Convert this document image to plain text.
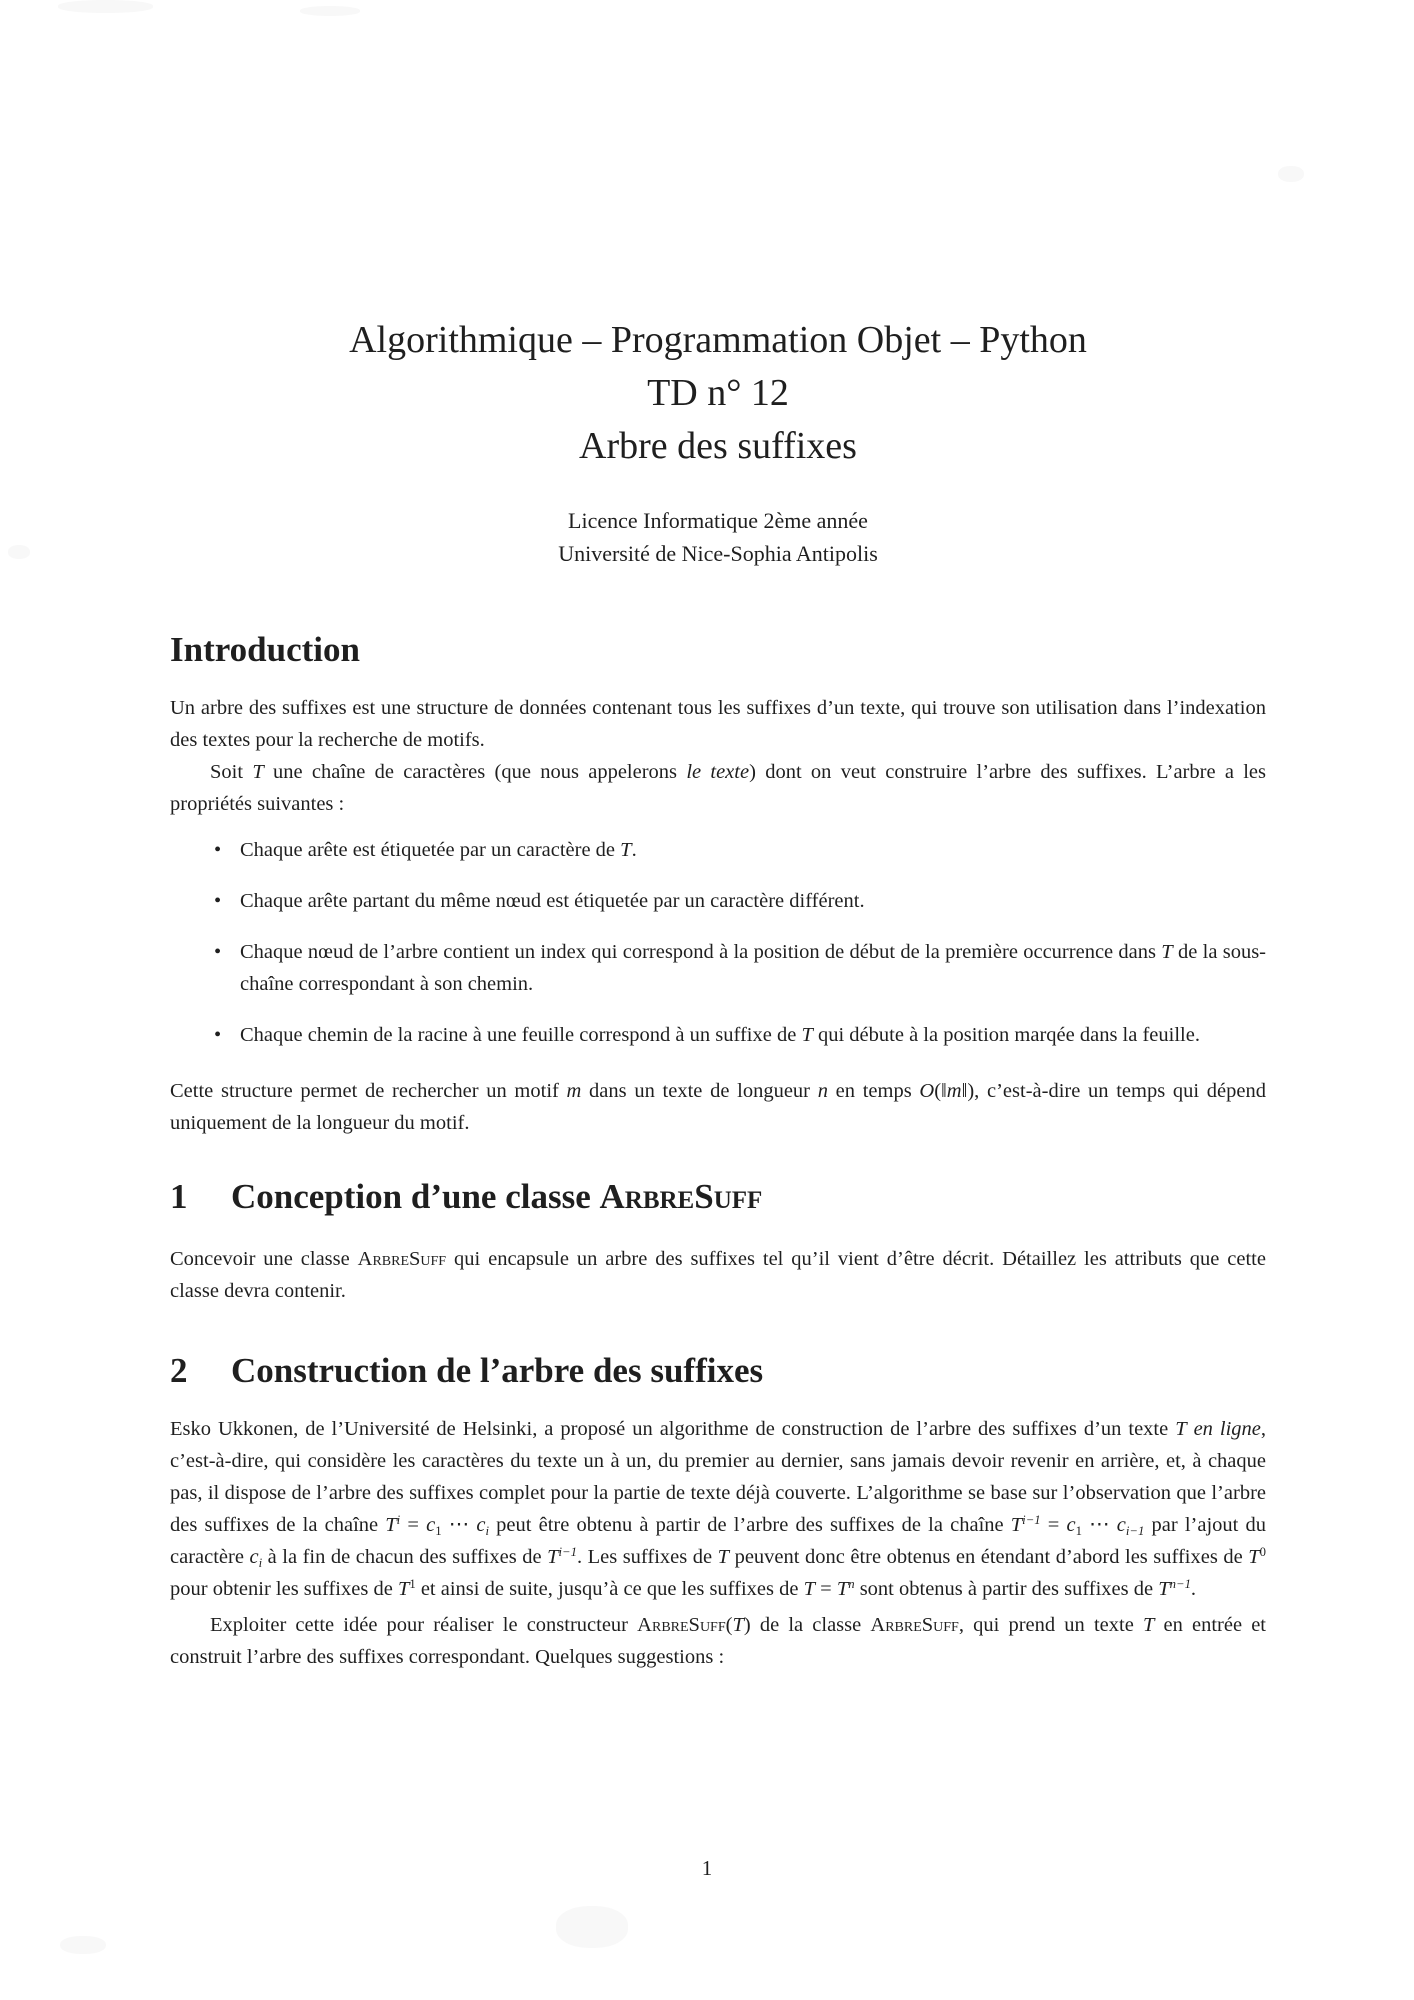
Algorithmique – Programmation Objet – Python
TD n° 12
Arbre des suffixes
Licence Informatique 2ème année
Université de Nice-Sophia Antipolis
Introduction

Un arbre des suffixes est une structure de données contenant tous les suffixes d’un texte, qui trouve son utilisation dans l’indexation des textes pour la recherche de motifs.

Soit T une chaîne de caractères (que nous appelerons le texte) dont on veut construire l’arbre des suffixes. L’arbre a les propriétés suivantes :

• Chaque arête est étiquetée par un caractère de T.
• Chaque arête partant du même nœud est étiquetée par un caractère différent.
• Chaque nœud de l’arbre contient un index qui correspond à la position de début de la première occurrence dans T de la sous-chaîne correspondant à son chemin.
• Chaque chemin de la racine à une feuille correspond à un suffixe de T qui débute à la position marqée dans la feuille.

Cette structure permet de rechercher un motif m dans un texte de longueur n en temps O(‖m‖), c’est-à-dire un temps qui dépend uniquement de la longueur du motif.

1 Conception d’une classe ArbreSuff

Concevoir une classe ArbreSuff qui encapsule un arbre des suffixes tel qu’il vient d’être décrit. Détaillez les attributs que cette classe devra contenir.

2 Construction de l’arbre des suffixes

Esko Ukkonen, de l’Université de Helsinki, a proposé un algorithme de construction de l’arbre des suffixes d’un texte T en ligne, c’est-à-dire, qui considère les caractères du texte un à un, du premier au dernier, sans jamais devoir revenir en arrière, et, à chaque pas, il dispose de l’arbre des suffixes complet pour la partie de texte déjà couverte. L’algorithme se base sur l’observation que l’arbre des suffixes de la chaîne $T^i = c_1$ ⋯ $c_i$ peut être obtenu à partir de l’arbre des suffixes de la chaîne $T^{i-1} = c_1$ ⋯ $c_{i-1}$ par l’ajout du caractère $c_i$ à la fin de chacun des suffixes de $T^{i-1}$. Les suffixes de T peuvent donc être obtenus en étendant d’abord les suffixes de $T^0$ pour obtenir les suffixes de $T^1$ et ainsi de suite, jusqu’à ce que les suffixes de $T = T^n$ sont obtenus à partir des suffixes de $T^{n-1}$.

Exploiter cette idée pour réaliser le constructeur ArbreSuff(T) de la classe ArbreSuff, qui prend un texte T en entrée et construit l’arbre des suffixes correspondant. Quelques suggestions :

1
